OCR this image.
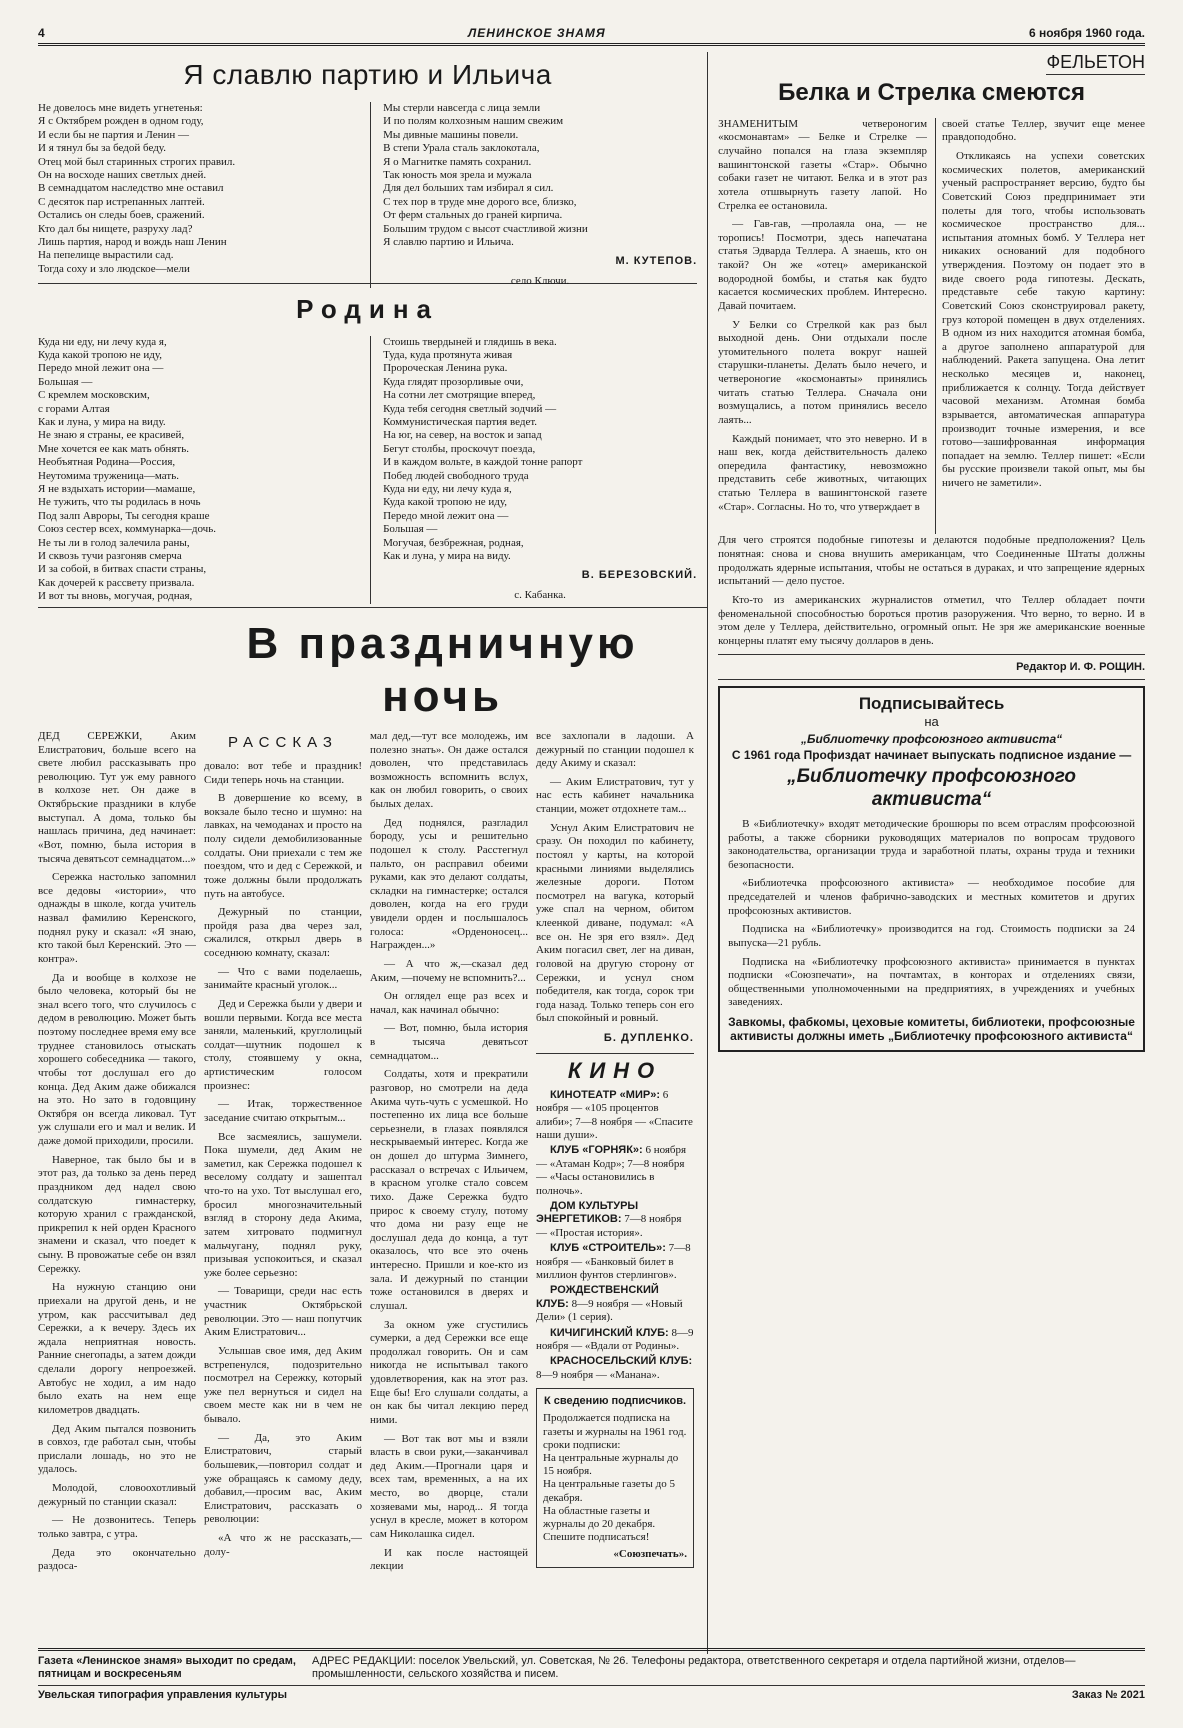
4	ЛЕНИНСКОЕ ЗНАМЯ	6 ноября 1960 года.
Я славлю партию и Ильича
Не довелось мне видеть угнетенья:
Я с Октябрем рожден в одном году,
И если бы не партия и Ленин —
И я тянул бы за бедой беду.
Отец мой был старинных строгих правил.
Он на восходе наших светлых дней.
В семнадцатом наследство мне оставил
С десяток пар истрепанных лаптей.
Остались он следы боев, сражений.
Кто дал бы нищете, разруху лад?
Лишь партия, народ и вождь наш Ленин
На пепелище вырастили сад.
Тогда соху и зло людское—мели
Мы стерли навсегда с лица земли
И по полям колхозным нашим свежим
Мы дивные машины повели.
В степи Урала сталь заклокотала,
Я о Магнитке память сохранил.
Так юность моя зрела и мужала
Для дел больших там избирал я сил.
С тех пор в труде мне дорого все, близко,
От ферм стальных до граней кирпича.
Большим трудом с высот счастливой жизни
Я славлю партию и Ильича.
М. КУТЕПОВ.
село Ключи.
Родина
Куда ни еду, ни лечу куда я,
Куда какой тропою не иду,
Передо мной лежит она —
Большая —
С кремлем московским,
с горами Алтая
Как и луна, у мира на виду.
Не знаю я страны, ее красивей,
Мне хочется ее как мать обнять.
Необъятная Родина—Россия,
Неутомима труженица—мать.
Я не вздыхать истории—мамаше,
Не тужить, что ты родилась в ночь
Под залп Авроры, Ты сегодня краше
Союз сестер всех, коммунарка—дочь.
Не ты ли в голод залечила раны,
И сквозь тучи разгоняв смерча
И за собой, в битвах спасти страны,
Как дочерей к рассвету призвала.
И вот ты вновь, могучая, родная,
Стоишь твердыней и глядишь в века.
Туда, куда протянута живая
Пророческая Ленина рука.
Куда глядят прозорливые очи,
На сотни лет смотрящие вперед,
Куда тебя сегодня светлый зодчий —
Коммунистическая партия ведет.
На юг, на север, на восток и запад
Бегут столбы, проскочут поезда,
И в каждом вольте, в каждой тонне рапорт
Побед людей свободного труда
Куда ни еду, ни лечу куда я,
Куда какой тропою не иду,
Передо мной лежит она —
Большая —
Могучая, безбрежная, родная,
Как и луна, у мира на виду.
В. БЕРЕЗОВСКИЙ.
с. Кабанка.
ФЕЛЬЕТОН
Белка и Стрелка смеются

ЗНАМЕНИТЫМ четвероногим «космонавтам» — Белке и Стрелке — случайно попался на глаза экземпляр вашингтонской газеты «Стар». Обычно собаки газет не читают. Белка и в этот раз хотела отшвырнуть газету лапой. Но Стрелка ее остановила.

— Гав-гав, —пролаяла она, — не торопись! Посмотри, здесь напечатана статья Эдварда Теллера. А знаешь, кто он такой? Он же «отец» американской водородной бомбы, и статья как будто касается космических проблем. Интересно. Давай почитаем.

У Белки со Стрелкой как раз был выходной день. Они отдыхали после утомительного полета вокруг нашей старушки-планеты. Делать было нечего, и четвероногие «космонавты» принялись читать статью Теллера. Сначала они возмущались, а потом принялись весело лаять...

Каждый понимает, что это неверно. И в наш век, когда действительность далеко опередила фантастику, невозможно представить себе животных, читающих статью Теллера в вашингтонской газете «Стар». Согласны. Но то, что утверждает в

своей статье Теллер, звучит еще менее правдоподобно.

Откликаясь на успехи советских космических полетов, американский ученый распространяет версию, будто бы Советский Союз предпринимает эти полеты для того, чтобы использовать космическое пространство для... испытания атомных бомб. У Теллера нет никаких оснований для подобного утверждения. Поэтому он подает это в виде своего рода гипотезы. Дескать, представьте себе такую картину: Советский Союз сконструировал ракету, груз которой помещен в двух отделениях. В одном из них находится атомная бомба, а другое заполнено аппаратурой для наблюдений. Ракета запущена. Она летит несколько месяцев и, наконец, приближается к солнцу. Тогда действует часовой механизм. Атомная бомба взрывается, автоматическая аппаратура производит точные измерения, и все готово—зашифрованная информация попадает на землю. Теллер пишет: «Если бы русские произвели такой опыт, мы бы ничего не заметили».

В праздничную ночь

ДЕД СЕРЕЖКИ, Аким Елистратович, больше всего на свете любил рассказывать про революцию. Тут уж ему равного в колхозе нет. Он даже в Октябрьские праздники в клубе выступал. А дома, только бы нашлась причина, дед начинает: «Вот, помню, была история в тысяча девятьсот семнадцатом...»

Сережка настолько запомнил все дедовы «истории», что однажды в школе, когда учитель назвал фамилию Керенского, поднял руку и сказал: «Я знаю, кто такой был Керенский. Это — контра».

Да и вообще в колхозе не было человека, который бы не знал всего того, что случилось с дедом в революцию. Может быть поэтому последнее время ему все труднее становилось отыскать хорошего собеседника — такого, чтобы тот дослушал его до конца. Дед Аким даже обижался на это. Но зато в годовщину Октября он всегда ликовал. Тут уж слушали его и мал и велик. И даже домой приходили, просили.

Наверное, так было бы и в этот раз, да только за день перед праздником дед надел свою солдатскую гимнастерку, которую хранил с гражданской, прикрепил к ней орден Красного знамени и сказал, что поедет к сыну. В провожатые себе он взял Сережку.

На нужную станцию они приехали на другой день, и не утром, как рассчитывал дед Сережки, а к вечеру. Здесь их ждала неприятная новость. Ранние снегопады, а затем дожди сделали дорогу непроезжей. Автобус не ходил, а им надо было ехать на нем еще километров двадцать.

Дед Аким пытался позвонить в совхоз, где работал сын, чтобы прислали лошадь, но это не удалось.

Молодой, словоохотливый дежурный по станции сказал:

— Не дозвонитесь. Теперь только завтра, с утра.

Деда это окончательно раздоса-

РАССКАЗ

довало: вот тебе и праздник! Сиди теперь ночь на станции.

В довершение ко всему, в вокзале было тесно и шумно: на лавках, на чемоданах и просто на полу сидели демобилизованные солдаты. Они приехали с тем же поездом, что и дед с Сережкой, и тоже должны были продолжать путь на автобусе.

Дежурный по станции, пройдя раза два через зал, сжалился, открыл дверь в соседнюю комнату, сказал:

— Что с вами поделаешь, занимайте красный уголок...

Дед и Сережка были у двери и вошли первыми. Когда все места заняли, маленький, круглолицый солдат—шутник подошел к столу, стоявшему у окна, артистическим голосом произнес:

— Итак, торжественное заседание считаю открытым...

Все засмеялись, зашумели. Пока шумели, дед Аким не заметил, как Сережка подошел к веселому солдату и зашептал что-то на ухо. Тот выслушал его, бросил многозначительный взгляд в сторону деда Акима, затем хитровато подмигнул мальчугану, поднял руку, призывая успокоиться, и сказал уже более серьезно:

— Товарищи, среди нас есть участник Октябрьской революции. Это — наш попутчик Аким Елистратович...

Услышав свое имя, дед Аким встрепенулся, подозрительно посмотрел на Сережку, который уже пел вернуться и сидел на своем месте как ни в чем не бывало.

— Да, это Аким Елистратович, старый большевик,—повторил солдат и уже обращаясь к самому деду, добавил,—просим вас, Аким Елистратович, рассказать о революции:

«А что ж не рассказать,—долу-

мал дед,—тут все молодежь, им полезно знать». Он даже остался доволен, что представилась возможность вспомнить вслух, как он любил говорить, о своих былых делах.

Дед поднялся, разгладил бороду, усы и решительно подошел к столу. Расстегнул пальто, он расправил обеими руками, как это делают солдаты, складки на гимнастерке; остался доволен, когда на его груди увидели орден и послышалось голоса: «Орденоносец... Награжден...»

— А что ж,—сказал дед Аким, —почему не вспомнить?...

Он оглядел еще раз всех и начал, как начинал обычно:

— Вот, помню, была история в тысяча девятьсот семнадцатом...

Солдаты, хотя и прекратили разговор, но смотрели на деда Акима чуть-чуть с усмешкой. Но постепенно их лица все больше серьезнели, в глазах появлялся нескрываемый интерес. Когда же он дошел до штурма Зимнего, рассказал о встречах с Ильичем, в красном уголке стало совсем тихо. Даже Сережка будто прирос к своему стулу, потому что дома ни разу еще не дослушал деда до конца, а тут оказалось, что все это очень интересно. Пришли и кое-кто из зала. И дежурный по станции тоже остановился в дверях и слушал.

За окном уже сгустились сумерки, а дед Сережки все еще продолжал говорить. Он и сам никогда не испытывал такого удовлетворения, как на этот раз. Еще бы! Его слушали солдаты, а он как бы читал лекцию перед ними.

— Вот так вот мы и взяли власть в свои руки,—заканчивал дед Аким.—Прогнали царя и всех там, временных, а на их место, во дворце, стали хозяевами мы, народ... Я тогда уснул в кресле, может в котором сам Николашка сидел.

И как после настоящей лекции

все захлопали в ладоши. А дежурный по станции подошел к деду Акиму и сказал:

— Аким Елистратович, тут у нас есть кабинет начальника станции, может отдохнете там...

Уснул Аким Елистратович не сразу. Он походил по кабинету, постоял у карты, на которой красными линиями выделялись железные дороги. Потом посмотрел на вагука, который уже спал на черном, обитом клеенкой диване, подумал: «А все он. Не зря его взял». Дед Аким погасил свет, лег на диван, головой на другую сторону от Сережки, и уснул сном победителя, как тогда, сорок три года назад. Только теперь сон его был спокойный и ровный.

Б. ДУПЛЕНКО.
КИНО
КИНОТЕАТР «МИР»: 6 ноября — «105 процентов алиби»; 7—8 ноября — «Спасите наши души».
КЛУБ «ГОРНЯК»: 6 ноября — «Атаман Кодр»; 7—8 ноября — «Часы остановились в полночь».
ДОМ КУЛЬТУРЫ ЭНЕРГЕТИКОВ: 7—8 ноября — «Простая история».
КЛУБ «СТРОИТЕЛЬ»: 7—8 ноября — «Банковый билет в миллион фунтов стерлингов».
РОЖДЕСТВЕНСКИЙ КЛУБ: 8—9 ноября — «Новый Дели» (1 серия).
КИЧИГИНСКИЙ КЛУБ: 8—9 ноября — «Вдали от Родины».
КРАСНОСЕЛЬСКИЙ КЛУБ: 8—9 ноября — «Манана».
К сведению подписчиков.
Продолжается подписка на газеты и журналы на 1961 год.
сроки подписки:
На центральные журналы до 15 ноября.
На центральные газеты до 5 декабря.
На областные газеты и журналы до 20 декабря. Спешите подписаться!
«Союзпечать».

Для чего строятся подобные гипотезы и делаются подобные предположения? Цель понятная: снова и снова внушить американцам, что Соединенные Штаты должны продолжать ядерные испытания, чтобы не остаться в дураках, и что запрещение ядерных испытаний — дело пустое.

Кто-то из американских журналистов отметил, что Теллер обладает почти феноменальной способностью бороться против разоружения. Что верно, то верно. И в этом деле у Теллера, действительно, огромный опыт. Не зря же американские военные концерны платят ему тысячу долларов в день.

Редактор И. Ф. РОЩИН.
Подписывайтесь
на
„Библиотечку профсоюзного активиста“
С 1961 года Профиздат начинает выпускать подписное издание —
„Библиотечку профсоюзного активиста“

В «Библиотечку» входят методические брошюры по всем отраслям профсоюзной работы, а также сборники руководящих материалов по вопросам трудового законодательства, организации труда и заработной платы, охраны труда и техники безопасности.

«Библиотечка профсоюзного активиста» — необходимое пособие для председателей и членов фабрично-заводских и местных комитетов и других профсоюзных активистов.

Подписка на «Библиотечку» производится на год. Стоимость подписки за 24 выпуска—21 рубль.

Подписка на «Библиотечку профсоюзного активиста» принимается в пунктах подписки «Союзпечати», на почтамтах, в конторах и отделениях связи, общественными уполномоченными на предприятиях, в учреждениях и учебных заведениях.

Завкомы, фабкомы, цеховые комитеты, библиотеки, профсоюзные активисты должны иметь „Библиотечку профсоюзного активиста“
Газета «Ленинское знамя» выходит по средам, пятницам и воскресеньям
АДРЕС РЕДАКЦИИ: поселок Увельский, ул. Советская, № 26. Телефоны редактора, ответственного секретаря и отдела партийной жизни, отделов—промышленности, сельского хозяйства и писем.
Увельская типография управления культуры	Заказ № 2021
